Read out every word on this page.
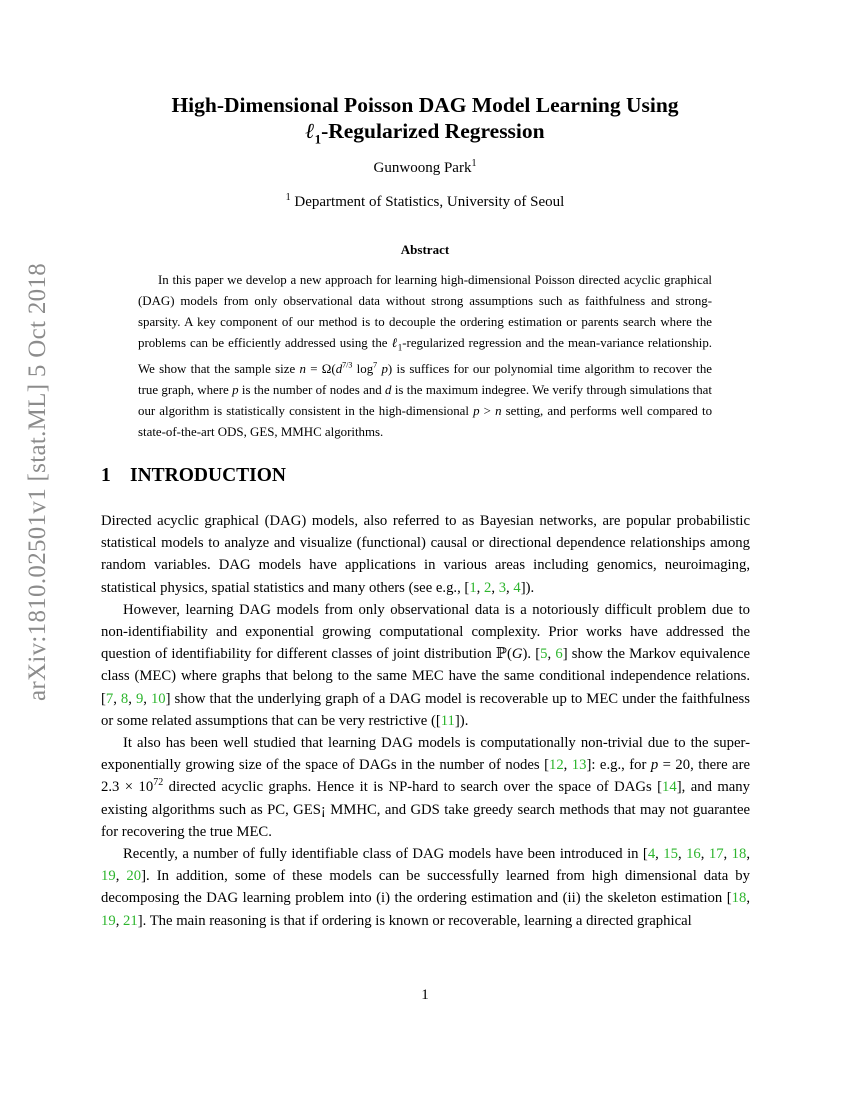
arXiv:1810.02501v1 [stat.ML] 5 Oct 2018
High-Dimensional Poisson DAG Model Learning Using
ℓ$_1$-Regularized Regression
Gunwoong Park$^1$
$^1$ Department of Statistics, University of Seoul
Abstract
In this paper we develop a new approach for learning high-dimensional Poisson directed acyclic graphical (DAG) models from only observational data without strong assumptions such as faithfulness and strong-sparsity. A key component of our method is to decouple the ordering estimation or parents search where the problems can be efficiently addressed using the ℓ$_1$-regularized regression and the mean-variance relationship. We show that the sample size $n = \Omega(d^{7/3}$ $\log^7 p$) is suffices for our polynomial time algorithm to recover the true graph, where p is the number of nodes and d is the maximum indegree. We verify through simulations that our algorithm is statistically consistent in the high-dimensional p > n setting, and performs well compared to state-of-the-art ODS, GES, MMHC algorithms.
1 INTRODUCTION

Directed acyclic graphical (DAG) models, also referred to as Bayesian networks, are popular probabilistic statistical models to analyze and visualize (functional) causal or directional dependence relationships among random variables. DAG models have applications in various areas including genomics, neuroimaging, statistical physics, spatial statistics and many others (see e.g., [1, 2, 3, 4]).

However, learning DAG models from only observational data is a notoriously difficult problem due to non-identifiability and exponential growing computational complexity. Prior works have addressed the question of identifiability for different classes of joint distribution ℙ(G). [5, 6] show the Markov equivalence class (MEC) where graphs that belong to the same MEC have the same conditional independence relations. [7, 8, 9, 10] show that the underlying graph of a DAG model is recoverable up to MEC under the faithfulness or some related assumptions that can be very restrictive ([11]).

It also has been well studied that learning DAG models is computationally non-trivial due to the super-exponentially growing size of the space of DAGs in the number of nodes [12, 13]: e.g., for p = 20, there are $2.3 \times 10^{72}$ directed acyclic graphs. Hence it is NP-hard to search over the space of DAGs [14], and many existing algorithms such as PC, GES¡ MMHC, and GDS take greedy search methods that may not guarantee for recovering the true MEC.

Recently, a number of fully identifiable class of DAG models have been introduced in [4, 15, 16, 17, 18, 19, 20]. In addition, some of these models can be successfully learned from high dimensional data by decomposing the DAG learning problem into (i) the ordering estimation and (ii) the skeleton estimation [18, 19, 21]. The main reasoning is that if ordering is known or recoverable, learning a directed graphical

1
